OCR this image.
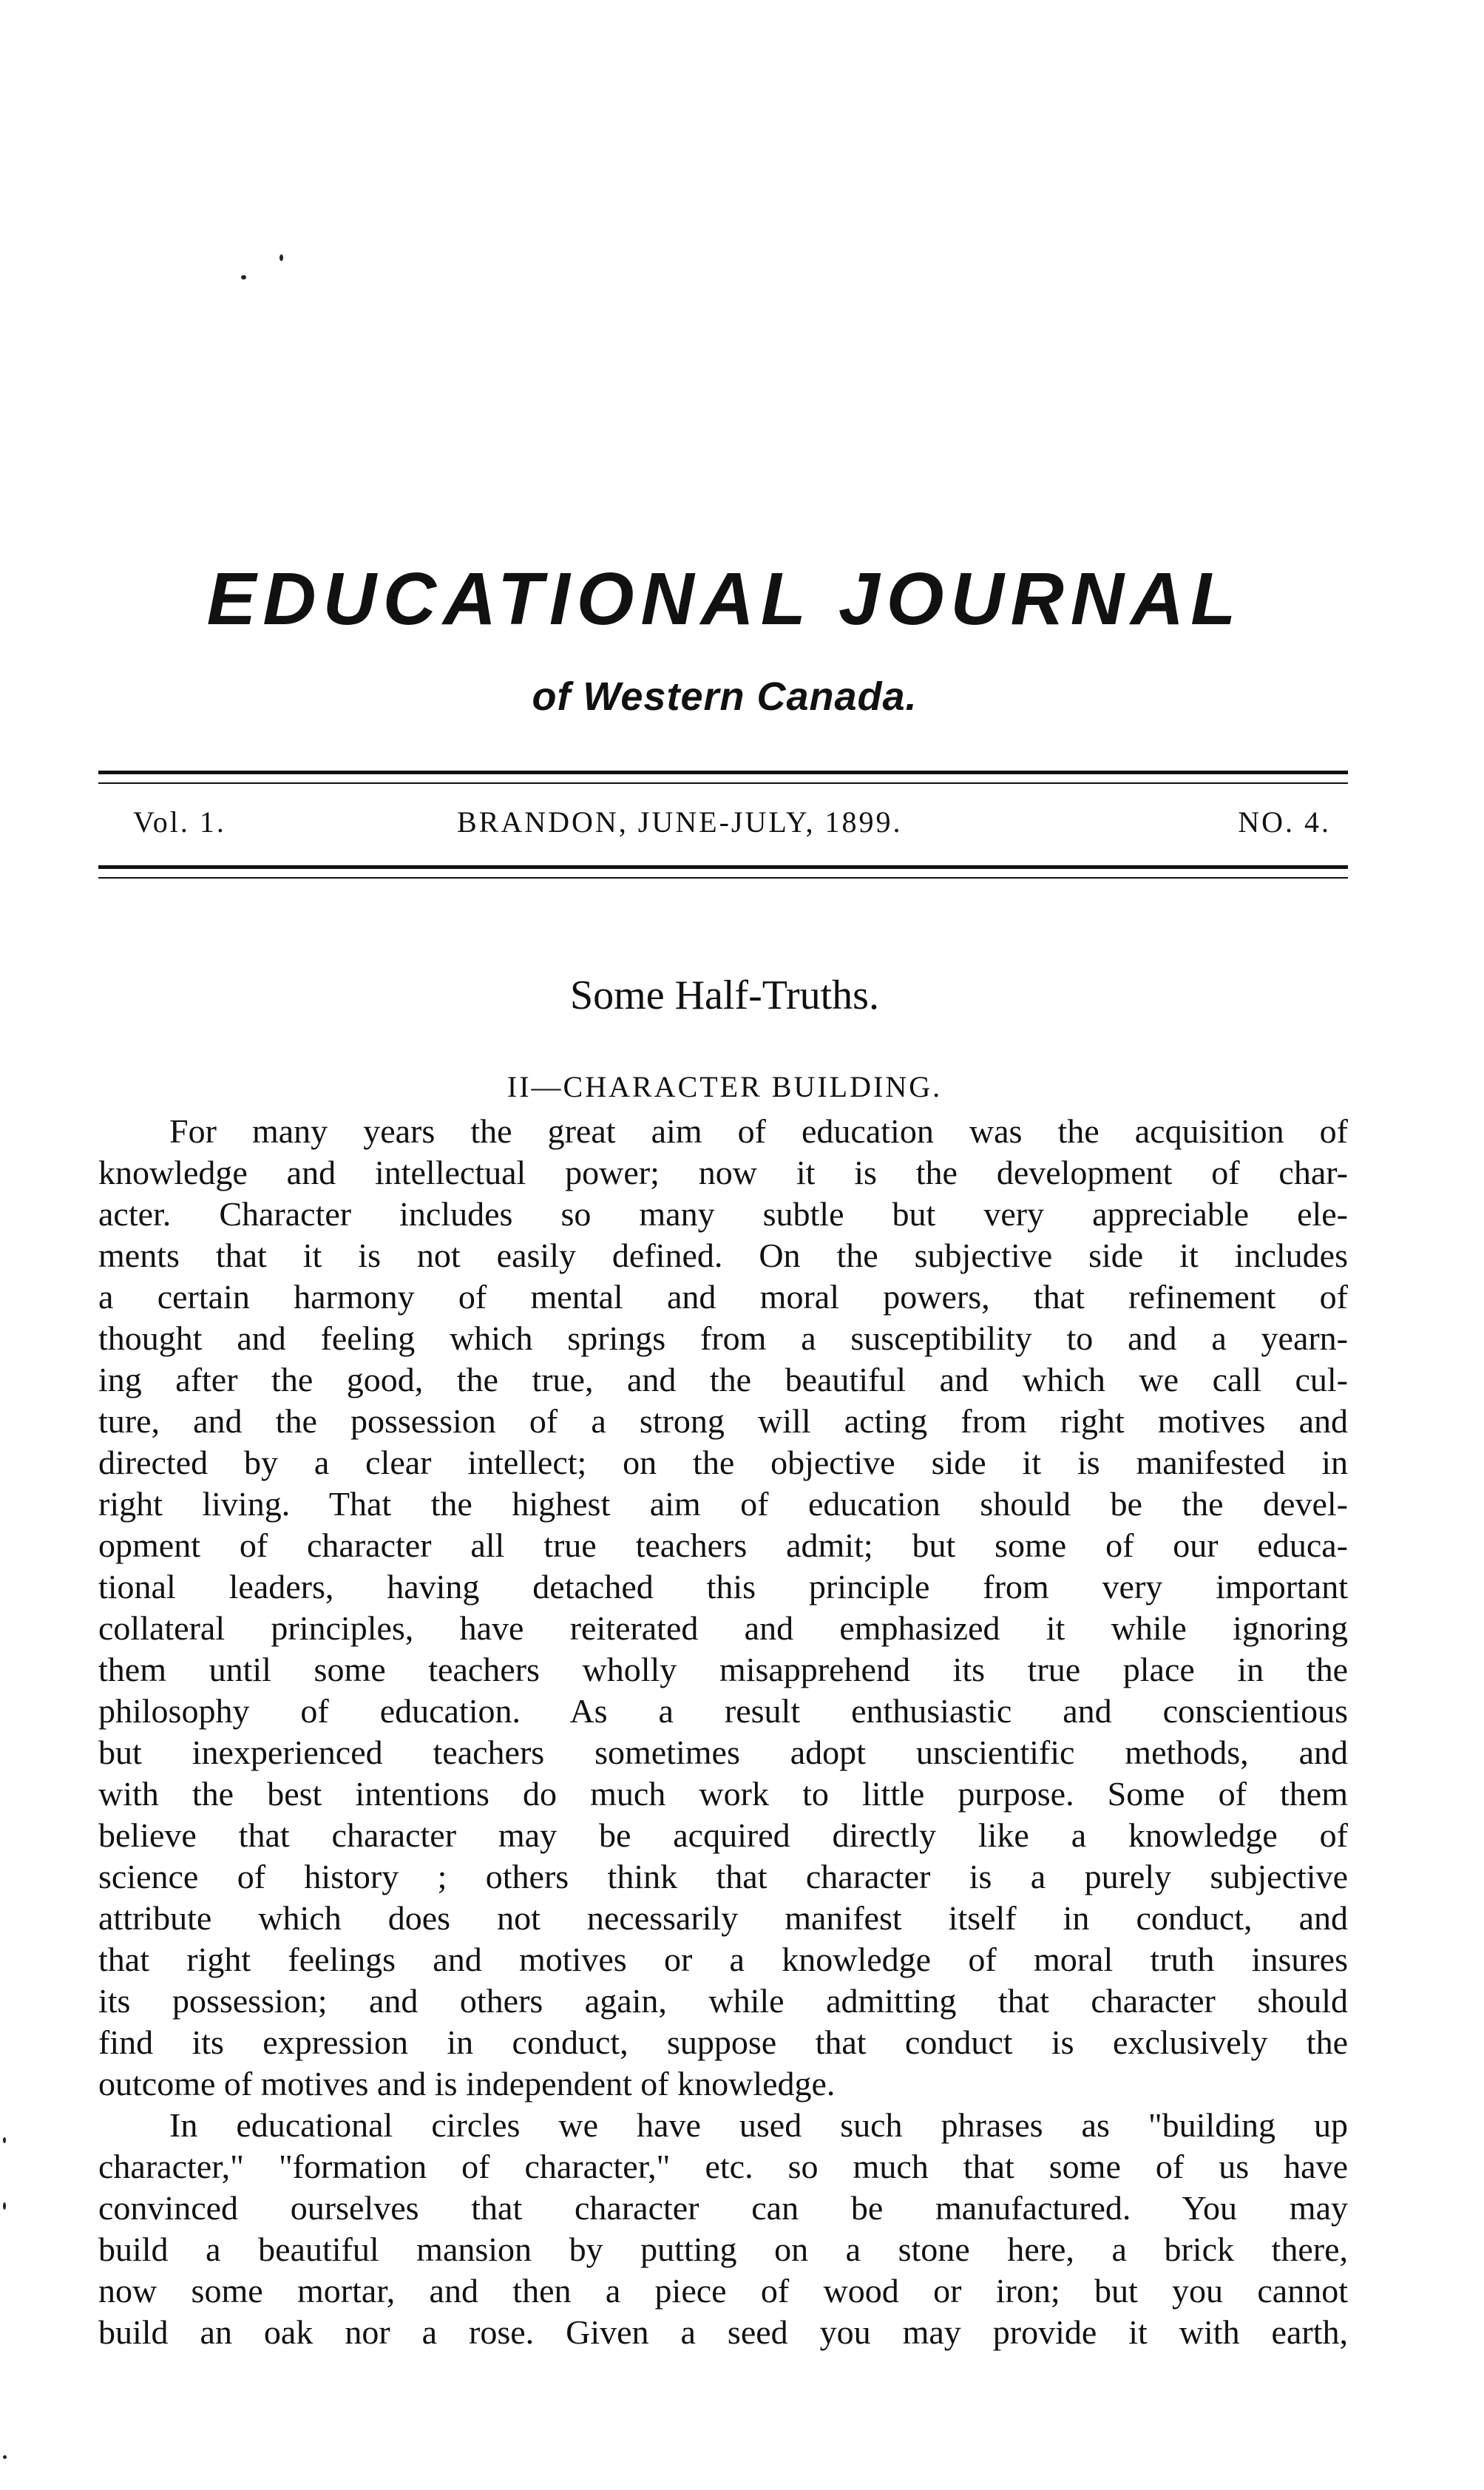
EDUCATIONAL JOURNAL
of Western Canada.
Vol. 1.	BRANDON, JUNE-JULY, 1899.	NO. 4.
Some Half-Truths.
II—CHARACTER BUILDING.
For many years the great aim of education was the acquisition of
knowledge and intellectual power; now it is the development of char-
acter. Character includes so many subtle but very appreciable ele-
ments that it is not easily defined. On the subjective side it includes
a certain harmony of mental and moral powers, that refinement of
thought and feeling which springs from a susceptibility to and a yearn-
ing after the good, the true, and the beautiful and which we call cul-
ture, and the possession of a strong will acting from right motives and
directed by a clear intellect; on the objective side it is manifested in
right living. That the highest aim of education should be the devel-
opment of character all true teachers admit; but some of our educa-
tional leaders, having detached this principle from very important
collateral principles, have reiterated and emphasized it while ignoring
them until some teachers wholly misapprehend its true place in the
philosophy of education. As a result enthusiastic and conscientious
but inexperienced teachers sometimes adopt unscientific methods, and
with the best intentions do much work to little purpose. Some of them
believe that character may be acquired directly like a knowledge of
science of history ; others think that character is a purely subjective
attribute which does not necessarily manifest itself in conduct, and
that right feelings and motives or a knowledge of moral truth insures
its possession; and others again, while admitting that character should
find its expression in conduct, suppose that conduct is exclusively the
outcome of motives and is independent of knowledge.
In educational circles we have used such phrases as "building up
character," "formation of character," etc. so much that some of us have
convinced ourselves that character can be manufactured. You may
build a beautiful mansion by putting on a stone here, a brick there,
now some mortar, and then a piece of wood or iron; but you cannot
build an oak nor a rose. Given a seed you may provide it with earth,
